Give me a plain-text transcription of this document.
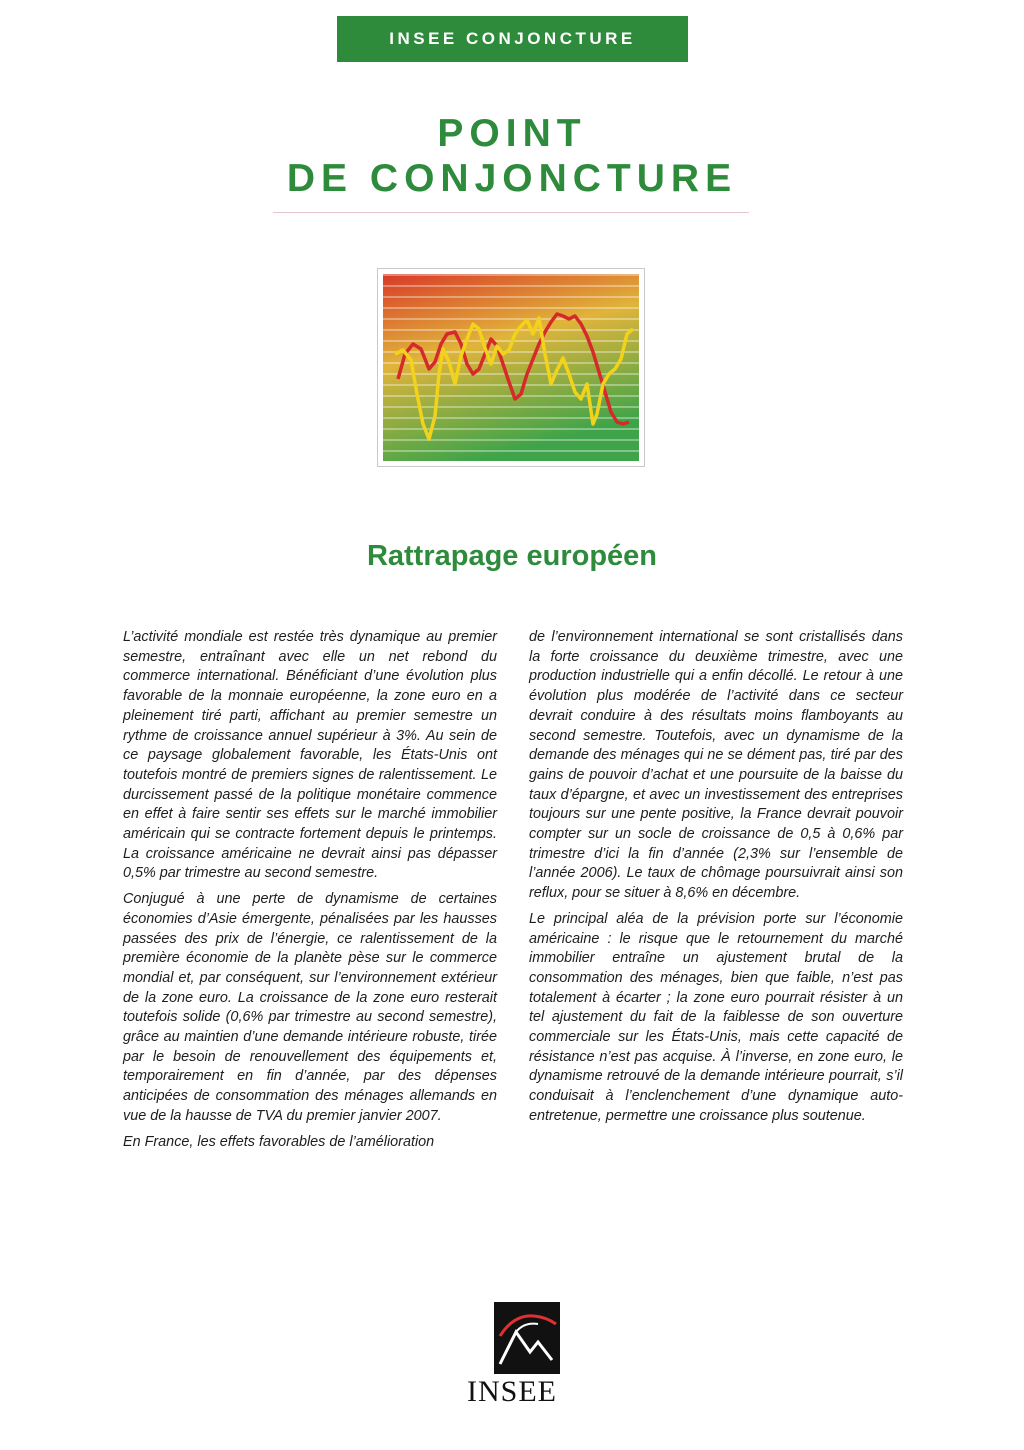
INSEE CONJONCTURE
POINT
DE CONJONCTURE
Rattrapage européen

L’activité mondiale est restée très dynamique au premier semestre, entraînant avec elle un net rebond du commerce international. Bénéficiant d’une évolution plus favorable de la monnaie européenne, la zone euro en a pleinement tiré parti, affichant au premier semestre un rythme de croissance annuel supérieur à 3%. Au sein de ce paysage globalement favorable, les États-Unis ont toutefois montré de premiers signes de ralentissement. Le durcissement passé de la politique monétaire commence en effet à faire sentir ses effets sur le marché immobilier américain qui se contracte fortement depuis le printemps. La croissance américaine ne devrait ainsi pas dépasser 0,5% par trimestre au second semestre.

Conjugué à une perte de dynamisme de certaines économies d’Asie émergente, pénalisées par les hausses passées des prix de l’énergie, ce ralentissement de la première économie de la planète pèse sur le commerce mondial et, par conséquent, sur l’environnement extérieur de la zone euro. La croissance de la zone euro resterait toutefois solide (0,6% par trimestre au second semestre), grâce au maintien d’une demande intérieure robuste, tirée par le besoin de renouvellement des équipements et, temporairement en fin d’année, par des dépenses anticipées de consommation des ménages allemands en vue de la hausse de TVA du premier janvier 2007.

En France, les effets favorables de l’amélioration

de l’environnement international se sont cristallisés dans la forte croissance du deuxième trimestre, avec une production industrielle qui a enfin décollé. Le retour à une évolution plus modérée de l’activité dans ce secteur devrait conduire à des résultats moins flamboyants au second semestre. Toutefois, avec un dynamisme de la demande des ménages qui ne se dément pas, tiré par des gains de pouvoir d’achat et une poursuite de la baisse du taux d’épargne, et avec un investissement des entreprises toujours sur une pente positive, la France devrait pouvoir compter sur un socle de croissance de 0,5 à 0,6% par trimestre d’ici la fin d’année (2,3% sur l’ensemble de l’année 2006). Le taux de chômage poursuivrait ainsi son reflux, pour se situer à 8,6% en décembre.

Le principal aléa de la prévision porte sur l’économie américaine : le risque que le retournement du marché immobilier entraîne un ajustement brutal de la consommation des ménages, bien que faible, n’est pas totalement à écarter ; la zone euro pourrait résister à un tel ajustement du fait de la faiblesse de son ouverture commerciale sur les États-Unis, mais cette capacité de résistance n’est pas acquise. À l’inverse, en zone euro, le dynamisme retrouvé de la demande intérieure pourrait, s’il conduisait à l’enclenchement d’une dynamique auto-entretenue, permettre une croissance plus soutenue.

INSEE
